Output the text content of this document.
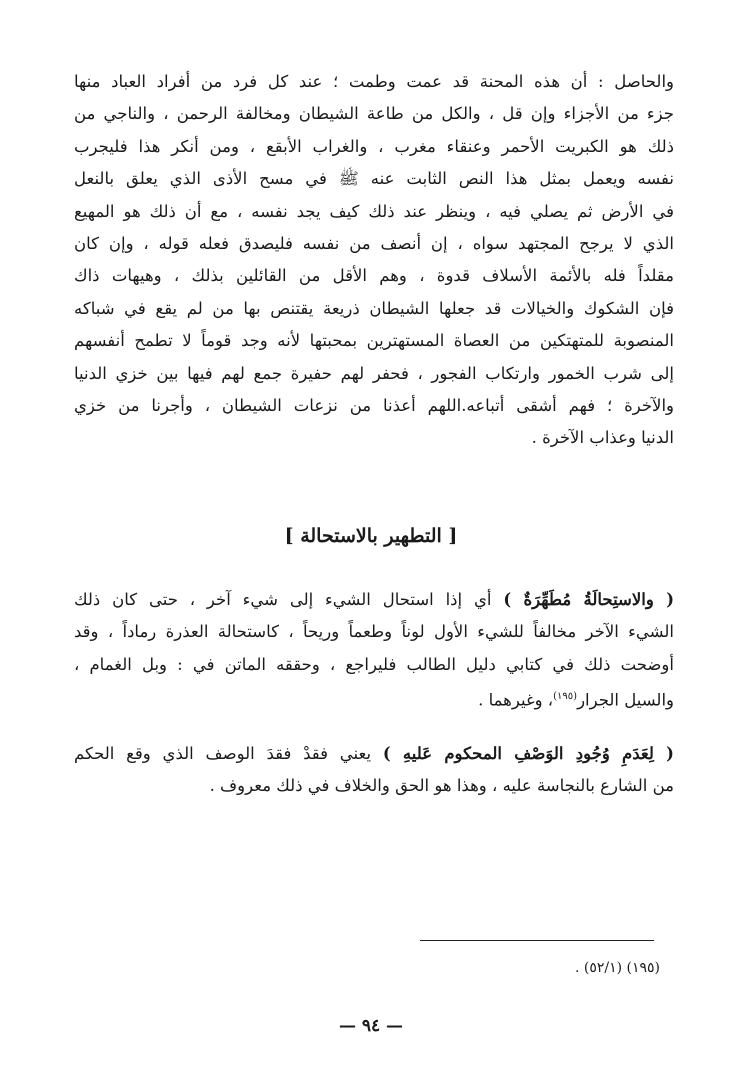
والحاصل : أن هذه المحنة قد عمت وطمت ؛ عند كل فرد من أفراد العباد منها
جزء من الأجزاء وإن قل ، والكل من طاعة الشيطان ومخالفة الرحمن ، والناجي من
ذلك هو الكبريت الأحمر وعنقاء مغرب ، والغراب الأبقع ، ومن أنكر هذا فليجرب
نفسه ويعمل بمثل هذا النص الثابت عنه ﷺ في مسح الأذى الذي يعلق بالنعل
في الأرض ثم يصلي فيه ، وينظر عند ذلك كيف يجد نفسه ، مع أن ذلك هو المهيع
الذي لا يرجح المجتهد سواه ، إن أنصف من نفسه فليصدق فعله قوله ، وإن كان
مقلداً فله بالأئمة الأسلاف قدوة ، وهم الأقل من القائلين بذلك ، وهيهات ذاك
فإن الشكوك والخيالات قد جعلها الشيطان ذريعة يقتنص بها من لم يقع في شباكه
المنصوبة للمتهتكين من العصاة المستهترين بمحبتها لأنه وجد قوماً لا تطمح أنفسهم
إلى شرب الخمور وارتكاب الفجور ، فحفر لهم حفيرة جمع لهم فيها بين خزي الدنيا
والآخرة ؛ فهم أشقى أتباعه.اللهم أعذنا من نزعات الشيطان ، وأجرنا من خزي
الدنيا وعذاب الآخرة .
[ التطهير بالاستحالة ]
( والاستِحالَةُ مُطَهِّرَةٌ ) أي إذا استحال الشيء إلى شيء آخر ، حتى كان ذلك
الشيء الآخر مخالفاً للشيء الأول لوناً وطعماً وريحاً ، كاستحالة العذرة رماداً ، وقد
أوضحت ذلك في كتابي دليل الطالب فليراجع ، وحققه الماتن في : وبل الغمام ،
والسيل الجرار$^{(١٩٥)}$، وغيرهما .
( لِعَدَمِ وُجُودِ الوَصْفِ المحكوم عَليهِ ) يعني فقدْ فقدَ الوصف الذي وقع الحكم
من الشارع بالنجاسة عليه ، وهذا هو الحق والخلاف في ذلك معروف .
(١٩٥) (٥٢/١) .
— ٩٤ —
